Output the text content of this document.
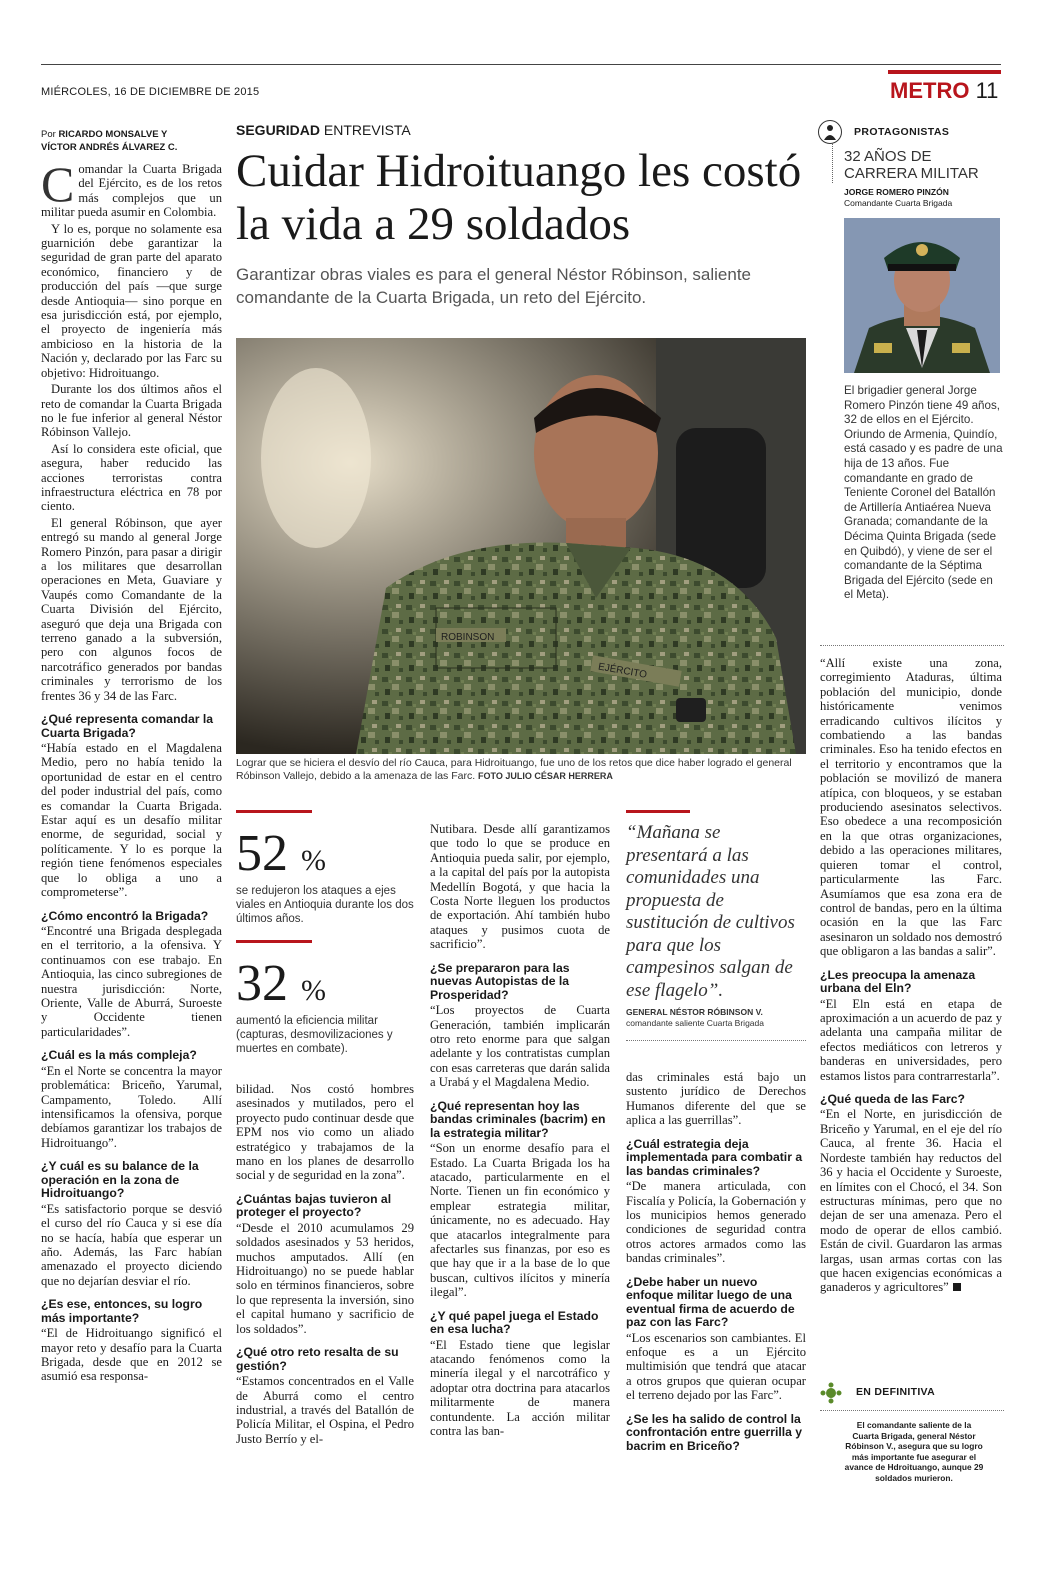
MIÉRCOLES, 16 DE DICIEMBRE DE 2015	METRO 11
Por RICARDO MONSALVE Y
VÍCTOR ANDRÉS ÁLVAREZ C.
SEGURIDAD ENTREVISTA
Cuidar Hidroituango les costó la vida a 29 soldados
Garantizar obras viales es para el general Néstor Róbinson, saliente comandante de la Cuarta Brigada, un reto del Ejército.
ROBINSON
EJÉRCITO
Lograr que se hiciera el desvío del río Cauca, para Hidroituango, fue uno de los retos que dice haber logrado el general Róbinson Vallejo, debido a la amenaza de las Farc. FOTO JULIO CÉSAR HERRERA

Comandar la Cuarta Brigada del Ejército, es de los retos más complejos que un militar pueda asumir en Colombia.

Y lo es, porque no solamente esa guarnición debe garantizar la seguridad de gran parte del aparato económico, financiero y de producción del país —que surge desde Antioquia— sino porque en esa jurisdicción está, por ejemplo, el proyecto de ingeniería más ambicioso en la historia de la Nación y, declarado por las Farc su objetivo: Hidroituango.

Durante los dos últimos años el reto de comandar la Cuarta Brigada no le fue inferior al general Néstor Róbinson Vallejo.

Así lo considera este oficial, que asegura, haber reducido las acciones terroristas contra infraestructura eléctrica en 78 por ciento.

El general Róbinson, que ayer entregó su mando al general Jorge Romero Pinzón, para pasar a dirigir a los militares que desarrollan operaciones en Meta, Guaviare y Vaupés como Comandante de la Cuarta División del Ejército, aseguró que deja una Brigada con terreno ganado a la subversión, pero con algunos focos de narcotráfico generados por bandas criminales y terrorismo de los frentes 36 y 34 de las Farc.

¿Qué representa comandar la Cuarta Brigada?

“Había estado en el Magdalena Medio, pero no había tenido la oportunidad de estar en el centro del poder industrial del país, como es comandar la Cuarta Brigada. Estar aquí es un desafío militar enorme, de seguridad, social y políticamente. Y lo es porque la región tiene fenómenos especiales que lo obliga a uno a comprometerse”.

¿Cómo encontró la Brigada?

“Encontré una Brigada desplegada en el territorio, a la ofensiva. Y continuamos con ese trabajo. En Antioquia, las cinco subregiones de nuestra jurisdicción: Norte, Oriente, Valle de Aburrá, Suroeste y Occidente tienen particularidades”.

¿Cuál es la más compleja?

“En el Norte se concentra la mayor problemática: Briceño, Yarumal, Campamento, Toledo. Allí intensificamos la ofensiva, porque debíamos garantizar los trabajos de Hidroituango”.

¿Y cuál es su balance de la operación en la zona de Hidroituango?

“Es satisfactorio porque se desvió el curso del río Cauca y si ese día no se hacía, había que esperar un año. Además, las Farc habían amenazado el proyecto diciendo que no dejarían desviar el río.

¿Es ese, entonces, su logro más importante?

“El de Hidroituango significó el mayor reto y desafío para la Cuarta Brigada, desde que en 2012 se asumió esa responsa-

52 %
se redujeron los ataques a ejes viales en Antioquia durante los dos últimos años.
32 %
aumentó la eficiencia militar (capturas, desmovilizaciones y muertes en combate).

bilidad. Nos costó hombres asesinados y mutilados, pero el proyecto pudo continuar desde que EPM nos vio como un aliado estratégico y trabajamos de la mano en los planes de desarrollo social y de seguridad en la zona”.

¿Cuántas bajas tuvieron al proteger el proyecto?

“Desde el 2010 acumulamos 29 soldados asesinados y 53 heridos, muchos amputados. Allí (en Hidroituango) no se puede hablar solo en términos financieros, sobre lo que representa la inversión, sino el capital humano y sacrificio de los soldados”.

¿Qué otro reto resalta de su gestión?

“Estamos concentrados en el Valle de Aburrá como el centro industrial, a través del Batallón de Policía Militar, el Ospina, el Pedro Justo Berrío y el-

Nutibara. Desde allí garantizamos que todo lo que se produce en Antioquia pueda salir, por ejemplo, a la capital del país por la autopista Medellín Bogotá, y que hacia la Costa Norte lleguen los productos de exportación. Ahí también hubo ataques y pusimos cuota de sacrificio”.

¿Se prepararon para las nuevas Autopistas de la Prosperidad?

“Los proyectos de Cuarta Generación, también implicarán otro reto enorme para que salgan adelante y los contratistas cumplan con esas carreteras que darán salida a Urabá y el Magdalena Medio.

¿Qué representan hoy las bandas criminales (bacrim) en la estrategia militar?

“Son un enorme desafío para el Estado. La Cuarta Brigada los ha atacado, particularmente en el Norte. Tienen un fin económico y emplear estrategia militar, únicamente, no es adecuado. Hay que atacarlos integralmente para afectarles sus finanzas, por eso es que hay que ir a la base de lo que buscan, cultivos ilícitos y minería ilegal”.

¿Y qué papel juega el Estado en esa lucha?

“El Estado tiene que legislar atacando fenómenos como la minería ilegal y el narcotráfico y adoptar otra doctrina para atacarlos militarmente de manera contundente. La acción militar contra las ban-

“Mañana se presentará a las comunidades una propuesta de sustitución de cultivos para que los campesinos salgan de ese flagelo”.
GENERAL NÉSTOR RÓBINSON V.
comandante saliente Cuarta Brigada

das criminales está bajo un sustento jurídico de Derechos Humanos diferente del que se aplica a las guerrillas”.

¿Cuál estrategia deja implementada para combatir a las bandas criminales?

“De manera articulada, con Fiscalía y Policía, la Gobernación y los municipios hemos generado condiciones de seguridad contra otros actores armados como las bandas criminales”.

¿Debe haber un nuevo enfoque militar luego de una eventual firma de acuerdo de paz con las Farc?

“Los escenarios son cambiantes. El enfoque es a un Ejército multimisión que tendrá que atacar a otros grupos que quieran ocupar el terreno dejado por las Farc”.

¿Se les ha salido de control la confrontación entre guerrilla y bacrim en Briceño?
PROTAGONISTAS
32 AÑOS DE CARRERA MILITAR
JORGE ROMERO PINZÓN
Comandante Cuarta Brigada
El brigadier general Jorge Romero Pinzón tiene 49 años, 32 de ellos en el Ejército. Oriundo de Armenia, Quindío, está casado y es padre de una hija de 13 años. Fue comandante en grado de Teniente Coronel del Batallón de Artillería Antiaérea Nueva Granada; comandante de la Décima Quinta Brigada (sede en Quibdó), y viene de ser el comandante de la Séptima Brigada del Ejército (sede en el Meta).

“Allí existe una zona, corregimiento Ataduras, última población del municipio, donde históricamente venimos erradicando cultivos ilícitos y combatiendo a las bandas criminales. Eso ha tenido efectos en el territorio y encontramos que la población se movilizó de manera atípica, con bloqueos, y se estaban produciendo asesinatos selectivos. Eso obedece a una recomposición en la que otras organizaciones, debido a las operaciones militares, quieren tomar el control, particularmente las Farc. Asumíamos que esa zona era de control de bandas, pero en la última ocasión en la que las Farc asesinaron un soldado nos demostró que obligaron a las bandas a salir”.

¿Les preocupa la amenaza urbana del Eln?

“El Eln está en etapa de aproximación a un acuerdo de paz y adelanta una campaña militar de efectos mediáticos con letreros y banderas en universidades, pero estamos listos para contrarrestarla”.

¿Qué queda de las Farc?

“En el Norte, en jurisdicción de Briceño y Yarumal, en el eje del río Cauca, al frente 36. Hacia el Nordeste también hay reductos del 36 y hacia el Occidente y Suroeste, en límites con el Chocó, el 34. Son estructuras mínimas, pero que no dejan de ser una amenaza. Pero el modo de operar de ellos cambió. Están de civil. Guardaron las armas largas, usan armas cortas con las que hacen exigencias económicas a ganaderos y agricultores”

EN DEFINITIVA
El comandante saliente de la Cuarta Brigada, general Néstor Róbinson V., asegura que su logro más importante fue asegurar el avance de Hdroituango, aunque 29 soldados murieron.
